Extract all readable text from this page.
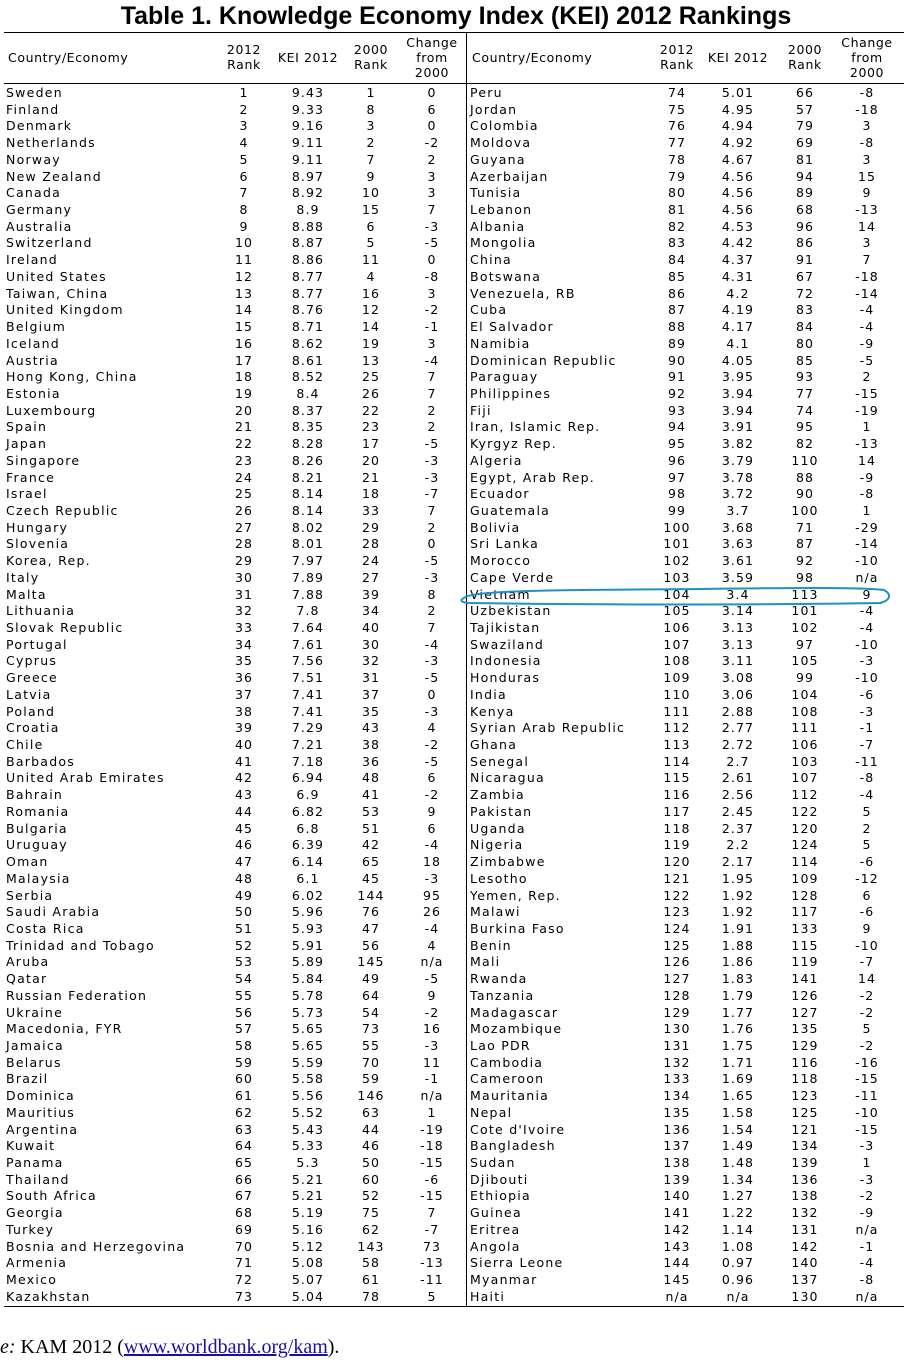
Table 1. Knowledge Economy Index (KEI) 2012 Rankings
Country/Economy	2012
Rank	KEI 2012	2000
Rank
Change
from
2000
Sweden	1	9.43	1	0
Finland	2	9.33	8	6
Denmark	3	9.16	3	0
Netherlands	4	9.11	2	-2
Norway	5	9.11	7	2
New Zealand	6	8.97	9	3
Canada	7	8.92	10	3
Germany	8	8.9	15	7
Australia	9	8.88	6	-3
Switzerland	10	8.87	5	-5
Ireland	11	8.86	11	0
United States	12	8.77	4	-8
Taiwan, China	13	8.77	16	3
United Kingdom	14	8.76	12	-2
Belgium	15	8.71	14	-1
Iceland	16	8.62	19	3
Austria	17	8.61	13	-4
Hong Kong, China	18	8.52	25	7
Estonia	19	8.4	26	7
Luxembourg	20	8.37	22	2
Spain	21	8.35	23	2
Japan	22	8.28	17	-5
Singapore	23	8.26	20	-3
France	24	8.21	21	-3
Israel	25	8.14	18	-7
Czech Republic	26	8.14	33	7
Hungary	27	8.02	29	2
Slovenia	28	8.01	28	0
Korea, Rep.	29	7.97	24	-5
Italy	30	7.89	27	-3
Malta	31	7.88	39	8
Lithuania	32	7.8	34	2
Slovak Republic	33	7.64	40	7
Portugal	34	7.61	30	-4
Cyprus	35	7.56	32	-3
Greece	36	7.51	31	-5
Latvia	37	7.41	37	0
Poland	38	7.41	35	-3
Croatia	39	7.29	43	4
Chile	40	7.21	38	-2
Barbados	41	7.18	36	-5
United Arab Emirates	42	6.94	48	6
Bahrain	43	6.9	41	-2
Romania	44	6.82	53	9
Bulgaria	45	6.8	51	6
Uruguay	46	6.39	42	-4
Oman	47	6.14	65	18
Malaysia	48	6.1	45	-3
Serbia	49	6.02	144	95
Saudi Arabia	50	5.96	76	26
Costa Rica	51	5.93	47	-4
Trinidad and Tobago	52	5.91	56	4
Aruba	53	5.89	145	n/a
Qatar	54	5.84	49	-5
Russian Federation	55	5.78	64	9
Ukraine	56	5.73	54	-2
Macedonia, FYR	57	5.65	73	16
Jamaica	58	5.65	55	-3
Belarus	59	5.59	70	11
Brazil	60	5.58	59	-1
Dominica	61	5.56	146	n/a
Mauritius	62	5.52	63	1
Argentina	63	5.43	44	-19
Kuwait	64	5.33	46	-18
Panama	65	5.3	50	-15
Thailand	66	5.21	60	-6
South Africa	67	5.21	52	-15
Georgia	68	5.19	75	7
Turkey	69	5.16	62	-7
Bosnia and Herzegovina	70	5.12	143	73
Armenia	71	5.08	58	-13
Mexico	72	5.07	61	-11
Kazakhstan	73	5.04	78	5
Country/Economy	2012
Rank	KEI 2012	2000
Rank
Change
from
2000
Peru	74	5.01	66	-8
Jordan	75	4.95	57	-18
Colombia	76	4.94	79	3
Moldova	77	4.92	69	-8
Guyana	78	4.67	81	3
Azerbaijan	79	4.56	94	15
Tunisia	80	4.56	89	9
Lebanon	81	4.56	68	-13
Albania	82	4.53	96	14
Mongolia	83	4.42	86	3
China	84	4.37	91	7
Botswana	85	4.31	67	-18
Venezuela, RB	86	4.2	72	-14
Cuba	87	4.19	83	-4
El Salvador	88	4.17	84	-4
Namibia	89	4.1	80	-9
Dominican Republic	90	4.05	85	-5
Paraguay	91	3.95	93	2
Philippines	92	3.94	77	-15
Fiji	93	3.94	74	-19
Iran, Islamic Rep.	94	3.91	95	1
Kyrgyz Rep.	95	3.82	82	-13
Algeria	96	3.79	110	14
Egypt, Arab Rep.	97	3.78	88	-9
Ecuador	98	3.72	90	-8
Guatemala	99	3.7	100	1
Bolivia	100	3.68	71	-29
Sri Lanka	101	3.63	87	-14
Morocco	102	3.61	92	-10
Cape Verde	103	3.59	98	n/a
Vietnam	104	3.4	113	9
Uzbekistan	105	3.14	101	-4
Tajikistan	106	3.13	102	-4
Swaziland	107	3.13	97	-10
Indonesia	108	3.11	105	-3
Honduras	109	3.08	99	-10
India	110	3.06	104	-6
Kenya	111	2.88	108	-3
Syrian Arab Republic	112	2.77	111	-1
Ghana	113	2.72	106	-7
Senegal	114	2.7	103	-11
Nicaragua	115	2.61	107	-8
Zambia	116	2.56	112	-4
Pakistan	117	2.45	122	5
Uganda	118	2.37	120	2
Nigeria	119	2.2	124	5
Zimbabwe	120	2.17	114	-6
Lesotho	121	1.95	109	-12
Yemen, Rep.	122	1.92	128	6
Malawi	123	1.92	117	-6
Burkina Faso	124	1.91	133	9
Benin	125	1.88	115	-10
Mali	126	1.86	119	-7
Rwanda	127	1.83	141	14
Tanzania	128	1.79	126	-2
Madagascar	129	1.77	127	-2
Mozambique	130	1.76	135	5
Lao PDR	131	1.75	129	-2
Cambodia	132	1.71	116	-16
Cameroon	133	1.69	118	-15
Mauritania	134	1.65	123	-11
Nepal	135	1.58	125	-10
Cote d'Ivoire	136	1.54	121	-15
Bangladesh	137	1.49	134	-3
Sudan	138	1.48	139	1
Djibouti	139	1.34	136	-3
Ethiopia	140	1.27	138	-2
Guinea	141	1.22	132	-9
Eritrea	142	1.14	131	n/a
Angola	143	1.08	142	-1
Sierra Leone	144	0.97	140	-4
Myanmar	145	0.96	137	-8
Haiti	n/a	n/a	130	n/a
e: KAM 2012 (www.worldbank.org/kam).
